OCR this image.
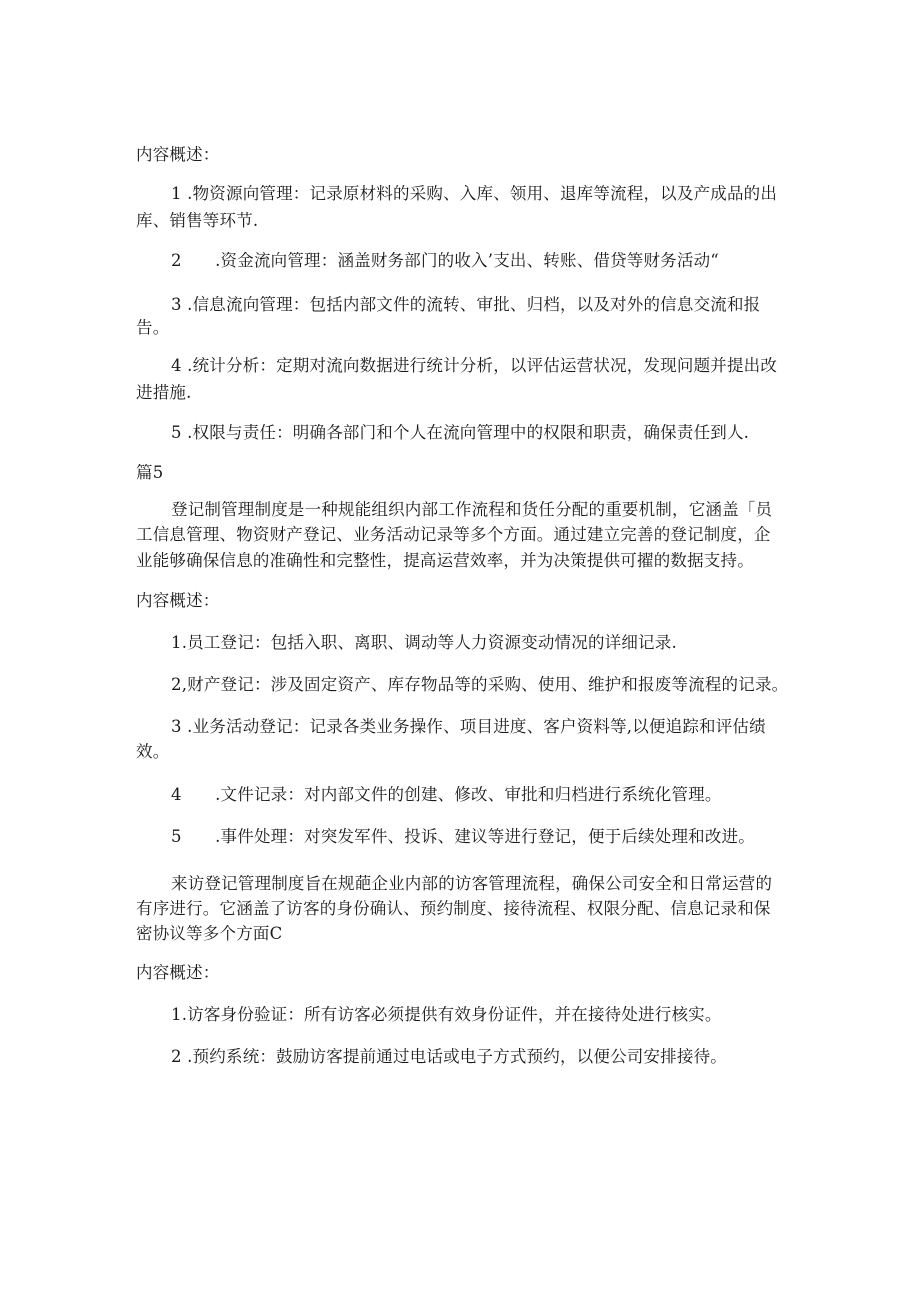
内容概述：
1 .物资源向管理：记录原材料的采购、入库、领用、退库等流程，以及产成品的出
库、销售等环节.
2　　.资金流向管理：涵盖财务部门的收入’支出、转账、借贷等财务活动“
3 .信息流向管理：包括内部文件的流转、审批、归档，以及对外的信息交流和报
告。
4 .统计分析：定期对流向数据进行统计分析，以评估运营状况，发现问题并提出改
进措施.
5 .权限与责任：明确各部门和个人在流向管理中的权限和职责，确保责任到人.
篇5
登记制管理制度是一种规能组织内部工作流程和货任分配的重要机制，它涵盖「员
工信息管理、物资财产登记、业务活动记录等多个方面。通过建立完善的登记制度，企
业能够确保信息的准确性和完整性，提高运营效率，并为决策提供可擢的数据支持。
内容概述：
1.员工登记：包括入职、离职、调动等人力资源变动情况的详细记录.
2,财产登记：涉及固定资产、库存物品等的采购、使用、维护和报废等流程的记录。
3 .业务活动登记：记录各类业务操作、项目进度、客户资料等,以便追踪和评估绩
效。
4　　.文件记录：对内部文件的创建、修改、审批和归档进行系统化管理。
5　　.事件处理：对突发军件、投诉、建议等进行登记，便于后续处理和改进。
来访登记管理制度旨在规葩企业内部的访客管理流程，确保公司安全和日常运营的
有序进行。它涵盖了访客的身份确认、预约制度、接待流程、权限分配、信息记录和保
密协议等多个方面C
内容概述：
1.访客身份验证：所有访客必须提供有效身份证件，并在接待处进行核实。
2 .预约系统：鼓励访客提前通过电话或电子方式预约，以便公司安排接待。
